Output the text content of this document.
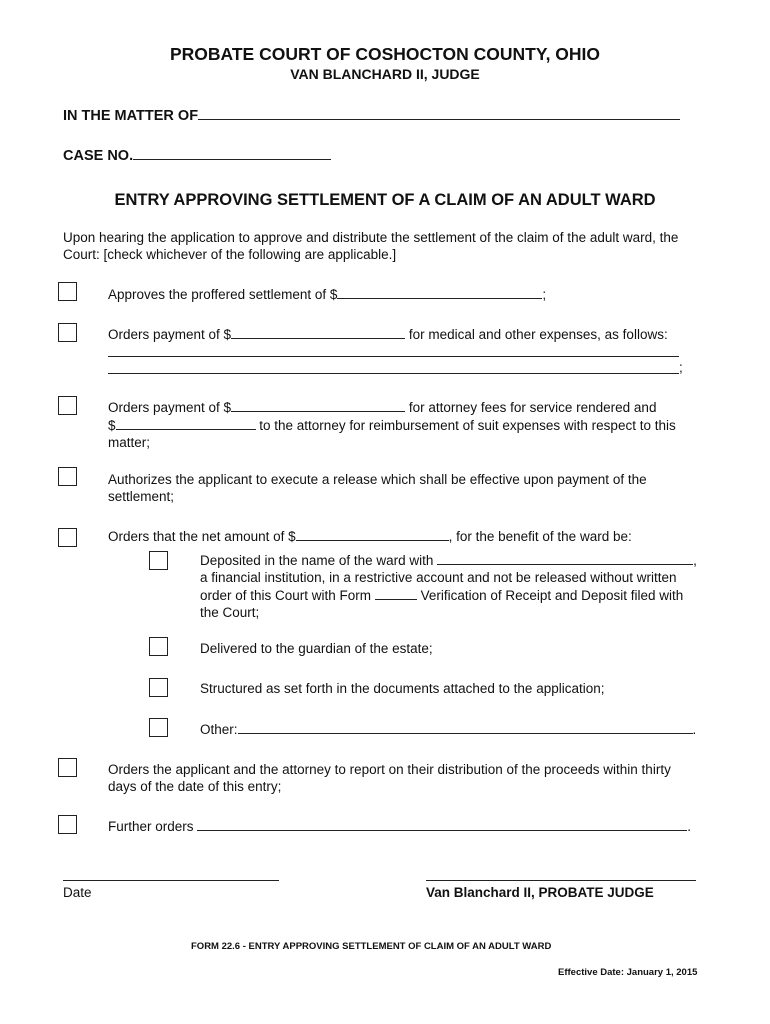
PROBATE COURT OF COSHOCTON COUNTY, OHIO
VAN BLANCHARD II, JUDGE
IN THE MATTER OF
CASE NO.
ENTRY APPROVING SETTLEMENT OF A CLAIM OF AN ADULT WARD
Upon hearing the application to approve and distribute the settlement of the claim of the adult ward, the
Court: [check whichever of the following are applicable.]
Approves the proffered settlement of $	;
Orders payment of $	for medical and other expenses, as follows:
;
Orders payment of $	for attorney fees for service rendered and
$	to the attorney for reimbursement of suit expenses with respect to this
matter;
Authorizes the applicant to execute a release which shall be effective upon payment of the
settlement;
Orders that the net amount of $	, for the benefit of the ward be:
Deposited in the name of the ward with	,
a financial institution, in a restrictive account and not be released without written
order of this Court with Form	Verification of Receipt and Deposit filed with
the Court;
Delivered to the guardian of the estate;
Structured as set forth in the documents attached to the application;
Other:	.
Orders the applicant and the attorney to report on their distribution of the proceeds within thirty
days of the date of this entry;
Further orders	.
Date	Van Blanchard II, PROBATE JUDGE
FORM 22.6 - ENTRY APPROVING SETTLEMENT OF CLAIM OF AN ADULT WARD
Effective Date: January 1, 2015
